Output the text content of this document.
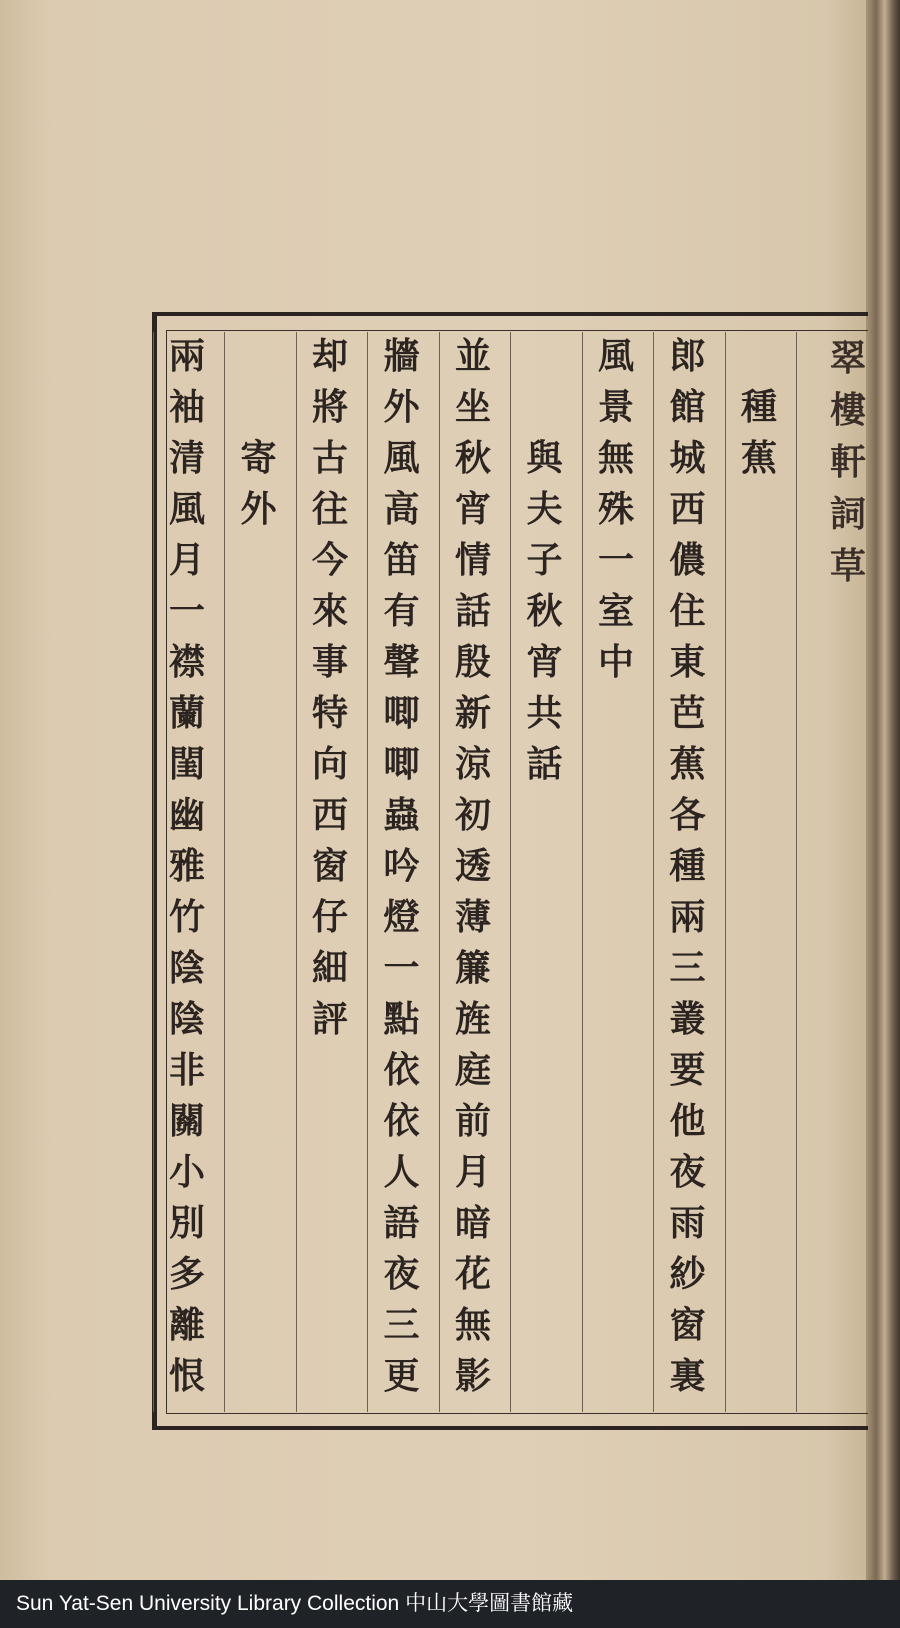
翠
樓
軒
詞
草
種
蕉
郎
館
城
西
儂
住
東
芭
蕉
各
種
兩
三
叢
要
他
夜
雨
紗
窗
裏
風
景
無
殊
一
室
中
與
夫
子
秋
宵
共
話
並
坐
秋
宵
情
話
殷
新
涼
初
透
薄
簾
旌
庭
前
月
暗
花
無
影
牆
外
風
高
笛
有
聲
唧
唧
蟲
吟
燈
一
點
依
依
人
語
夜
三
更
却
將
古
往
今
來
事
特
向
西
窗
仔
細
評
寄
外
兩
袖
清
風
月
一
襟
蘭
閨
幽
雅
竹
陰
陰
非
關
小
別
多
離
恨
Sun Yat-Sen University Library Collection 中山大學圖書館藏
